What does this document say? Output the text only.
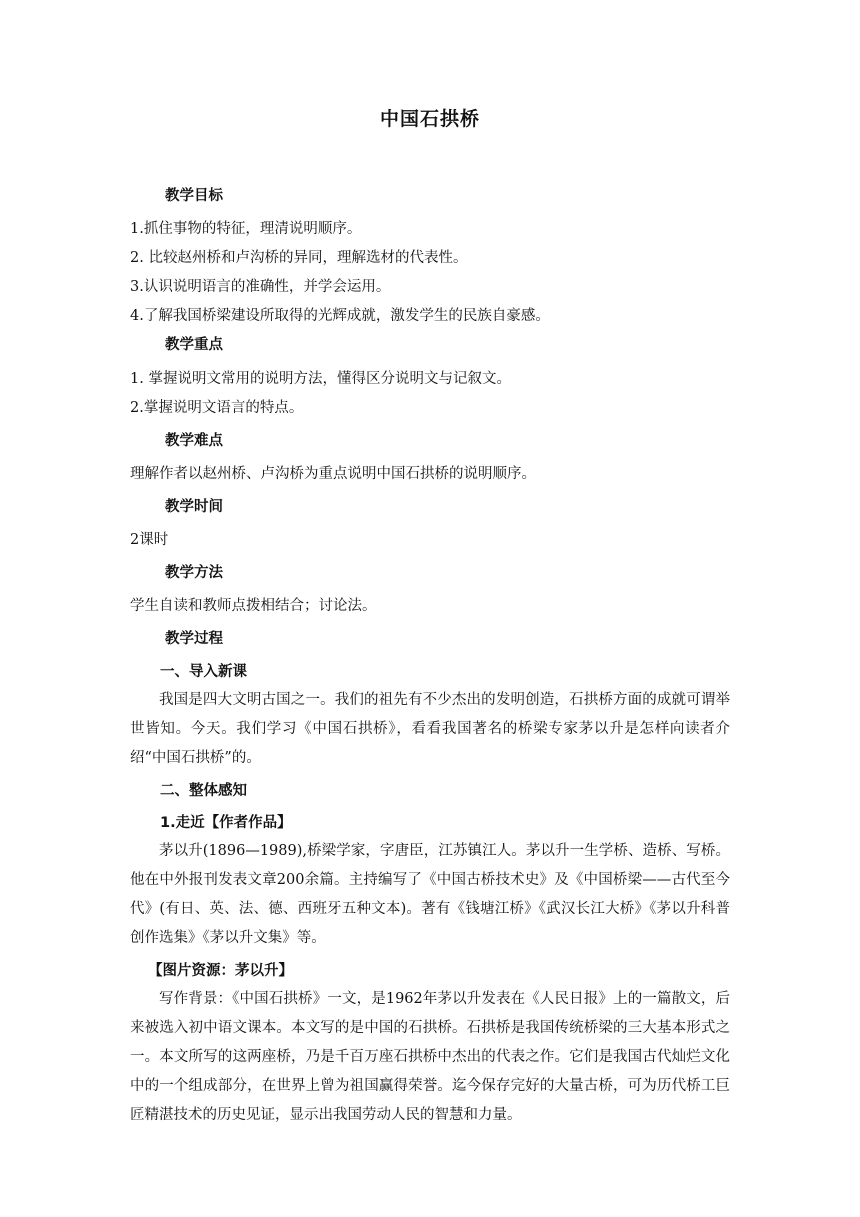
中国石拱桥
教学目标
1.抓住事物的特征，理清说明顺序。
2. 比较赵州桥和卢沟桥的异同，理解选材的代表性。
3.认识说明语言的准确性，并学会运用。
4.了解我国桥梁建设所取得的光辉成就，激发学生的民族自豪感。
教学重点
1. 掌握说明文常用的说明方法，懂得区分说明文与记叙文。
2.掌握说明文语言的特点。
教学难点
理解作者以赵州桥、卢沟桥为重点说明中国石拱桥的说明顺序。
教学时间
2课时
教学方法
学生自读和教师点拨相结合；讨论法。
教学过程
一、导入新课
我国是四大文明古国之一。我们的祖先有不少杰出的发明创造，石拱桥方面的成就可谓举世皆知。今天。我们学习《中国石拱桥》，看看我国著名的桥梁专家茅以升是怎样向读者介绍“中国石拱桥”的。
二、整体感知
1.走近【作者作品】
茅以升(1896—1989),桥梁学家，字唐臣，江苏镇江人。茅以升一生学桥、造桥、写桥。他在中外报刊发表文章200余篇。主持编写了《中国古桥技术史》及《中国桥梁——古代至今代》(有日、英、法、德、西班牙五种文本)。著有《钱塘江桥》《武汉长江大桥》《茅以升科普创作选集》《茅以升文集》等。
【图片资源：茅以升】
写作背景：《中国石拱桥》一文，是1962年茅以升发表在《人民日报》上的一篇散文，后来被选入初中语文课本。本文写的是中国的石拱桥。石拱桥是我国传统桥梁的三大基本形式之一。本文所写的这两座桥，乃是千百万座石拱桥中杰出的代表之作。它们是我国古代灿烂文化中的一个组成部分，在世界上曾为祖国赢得荣誉。迄今保存完好的大量古桥，可为历代桥工巨匠精湛技术的历史见证，显示出我国劳动人民的智慧和力量。
